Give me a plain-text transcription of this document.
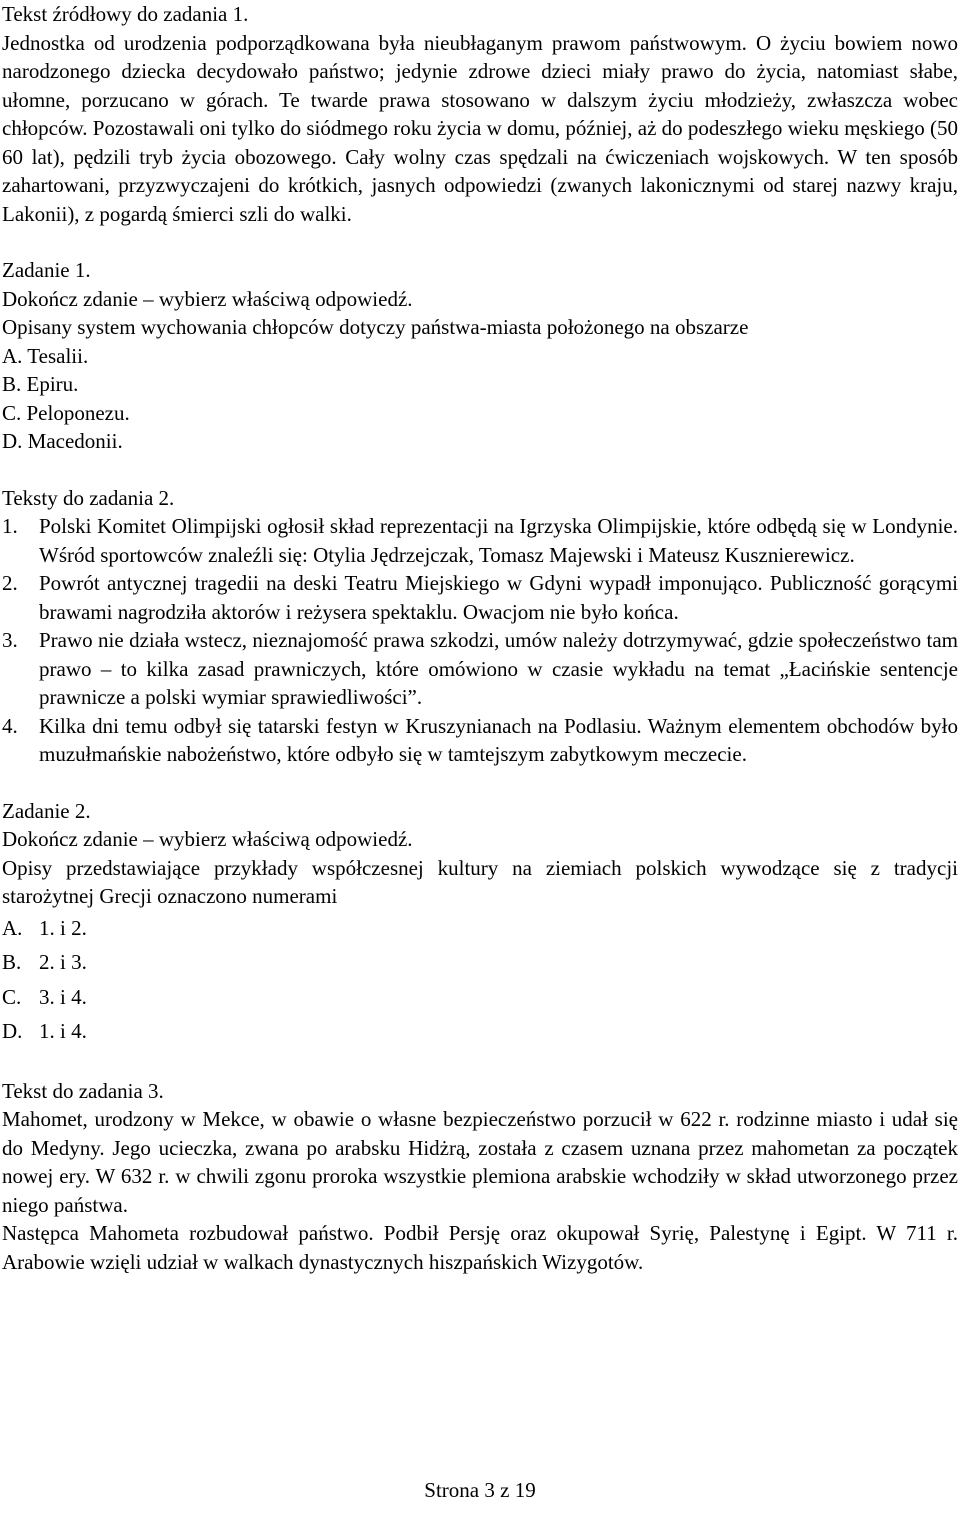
Tekst źródłowy do zadania 1.

Jednostka od urodzenia podporządkowana była nieubłaganym prawom państwowym. O życiu bowiem nowo narodzonego dziecka decydowało państwo; jedynie zdrowe dzieci miały prawo do życia, natomiast słabe, ułomne, porzucano w górach. Te twarde prawa stosowano w dalszym życiu młodzieży, zwłaszcza wobec chłopców. Pozostawali oni tylko do siódmego roku życia w domu, później, aż do podeszłego wieku męskiego (50 60 lat), pędzili tryb życia obozowego. Cały wolny czas spędzali na ćwiczeniach wojskowych. W ten sposób zahartowani, przyzwyczajeni do krótkich, jasnych odpowiedzi (zwanych lakonicznymi od starej nazwy kraju, Lakonii), z pogardą śmierci szli do walki.

Zadanie 1.

Dokończ zdanie – wybierz właściwą odpowiedź.

Opisany system wychowania chłopców dotyczy państwa-miasta położonego na obszarze

A. Tesalii.

B. Epiru.

C. Peloponezu.

D. Macedonii.

Teksty do zadania 2.

1.	Polski Komitet Olimpijski ogłosił skład reprezentacji na Igrzyska Olimpijskie, które odbędą się w Londynie. Wśród sportowców znaleźli się: Otylia Jędrzejczak, Tomasz Majewski i Mateusz Kusznierewicz.
2.	Powrót antycznej tragedii na deski Teatru Miejskiego w Gdyni wypadł imponująco. Publiczność gorącymi brawami nagrodziła aktorów i reżysera spektaklu. Owacjom nie było końca.
3.	Prawo nie działa wstecz, nieznajomość prawa szkodzi, umów należy dotrzymywać, gdzie społeczeństwo tam prawo – to kilka zasad prawniczych, które omówiono w czasie wykładu na temat „Łacińskie sentencje prawnicze a polski wymiar sprawiedliwości”.
4.	Kilka dni temu odbył się tatarski festyn w Kruszynianach na Podlasiu. Ważnym elementem obchodów było muzułmańskie nabożeństwo, które odbyło się w tamtejszym zabytkowym meczecie.

Zadanie 2.

Dokończ zdanie – wybierz właściwą odpowiedź.

Opisy przedstawiające przykłady współczesnej kultury na ziemiach polskich wywodzące się z tradycji starożytnej Grecji oznaczono numerami

A. 1. i 2.
B. 2. i 3.
C. 3. i 4.
D. 1. i 4.

Tekst do zadania 3.

Mahomet, urodzony w Mekce, w obawie o własne bezpieczeństwo porzucił w 622 r. rodzinne miasto i udał się do Medyny. Jego ucieczka, zwana po arabsku Hidżrą, została z czasem uznana przez mahometan za początek nowej ery. W 632 r. w chwili zgonu proroka wszystkie plemiona arabskie wchodziły w skład utworzonego przez niego państwa.

Następca Mahometa rozbudował państwo. Podbił Persję oraz okupował Syrię, Palestynę i Egipt. W 711 r. Arabowie wzięli udział w walkach dynastycznych hiszpańskich Wizygotów.

Strona 3 z 19
